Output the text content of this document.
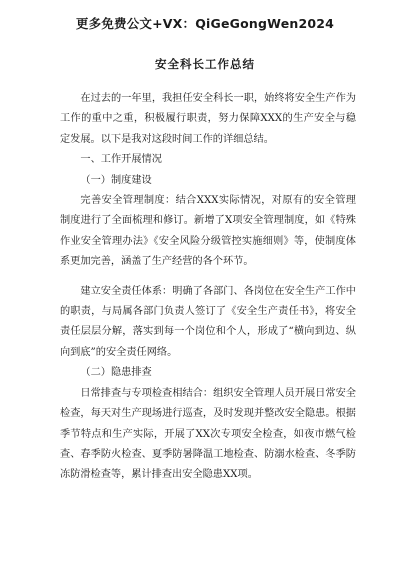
更多免费公文+VX：QiGeGongWen2024
安全科长工作总结

在过去的一年里，我担任安全科长一职，始终将安全生产作为工作的重中之重，积极履行职责，努力保障XXX的生产安全与稳定发展。以下是我对这段时间工作的详细总结。

一、工作开展情况

（一）制度建设

完善安全管理制度：结合XXX实际情况，对原有的安全管理制度进行了全面梳理和修订。新增了X项安全管理制度，如《特殊作业安全管理办法》《安全风险分级管控实施细则》等，使制度体系更加完善，涵盖了生产经营的各个环节。

建立安全责任体系：明确了各部门、各岗位在安全生产工作中的职责，与局属各部门负责人签订了《安全生产责任书》，将安全责任层层分解，落实到每一个岗位和个人，形成了“横向到边、纵向到底”的安全责任网络。

（二）隐患排查

日常排查与专项检查相结合：组织安全管理人员开展日常安全检查，每天对生产现场进行巡查，及时发现并整改安全隐患。根据季节特点和生产实际，开展了XX次专项安全检查，如夜市燃气检查、春季防火检查、夏季防暑降温工地检查、防溺水检查、冬季防冻防滑检查等，累计排查出安全隐患XX项。
